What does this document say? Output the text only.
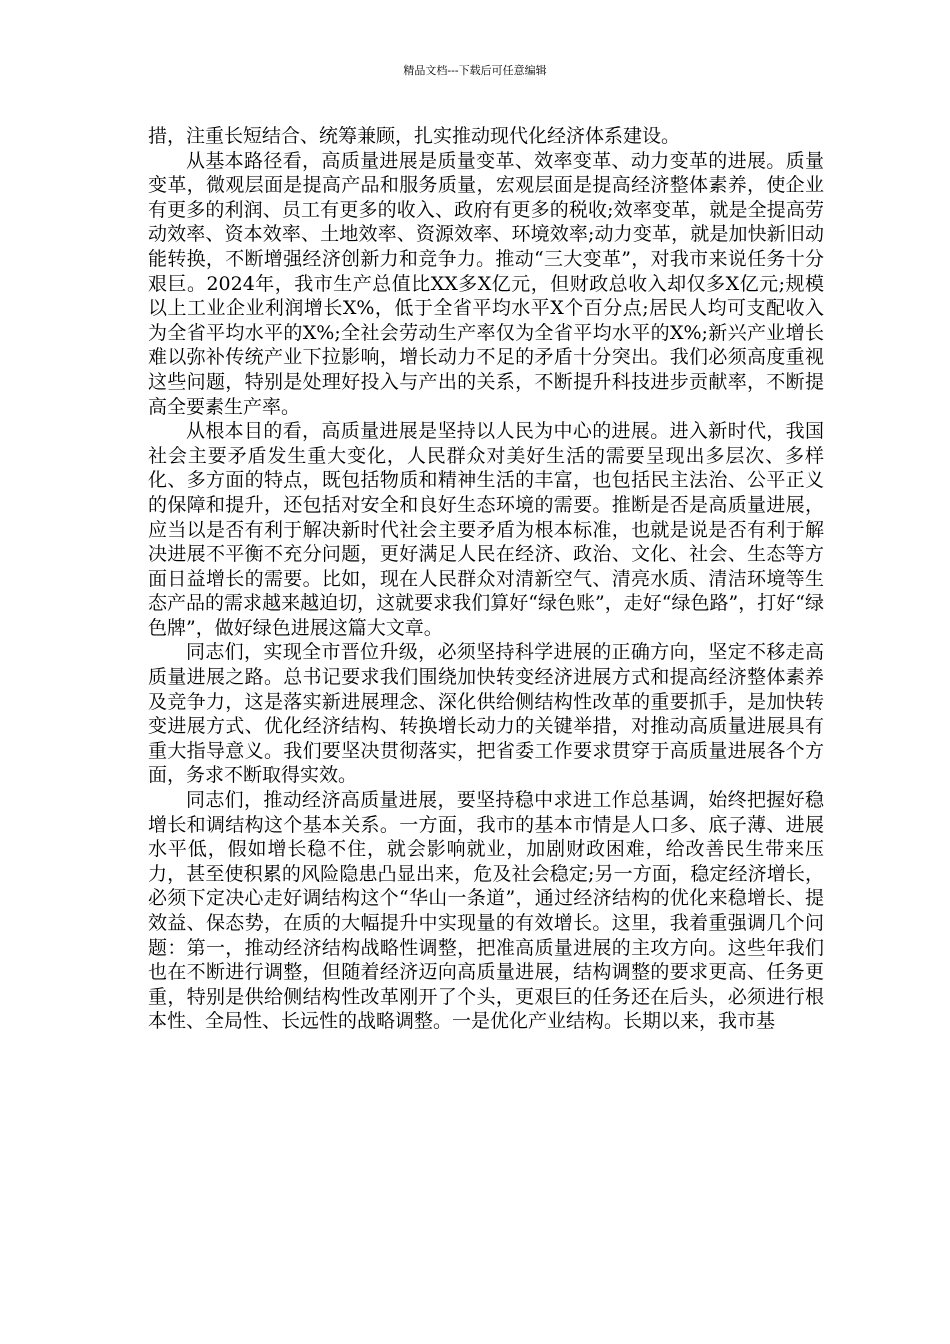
精品文档---下载后可任意编辑

措，注重长短结合、统筹兼顾，扎实推动现代化经济体系建设。

从基本路径看，高质量进展是质量变革、效率变革、动力变革的进展。质量变革，微观层面是提高产品和服务质量，宏观层面是提高经济整体素养，使企业有更多的利润、员工有更多的收入、政府有更多的税收;效率变革，就是全提高劳动效率、资本效率、土地效率、资源效率、环境效率;动力变革，就是加快新旧动能转换，不断增强经济创新力和竞争力。推动“三大变革”，对我市来说任务十分艰巨。2024年，我市生产总值比XX多X亿元，但财政总收入却仅多X亿元;规模以上工业企业利润增长X%，低于全省平均水平X个百分点;居民人均可支配收入为全省平均水平的X%;全社会劳动生产率仅为全省平均水平的X%;新兴产业增长难以弥补传统产业下拉影响，增长动力不足的矛盾十分突出。我们必须高度重视这些问题，特别是处理好投入与产出的关系，不断提升科技进步贡献率，不断提高全要素生产率。

从根本目的看，高质量进展是坚持以人民为中心的进展。进入新时代，我国社会主要矛盾发生重大变化，人民群众对美好生活的需要呈现出多层次、多样化、多方面的特点，既包括物质和精神生活的丰富，也包括民主法治、公平正义的保障和提升，还包括对安全和良好生态环境的需要。推断是否是高质量进展，应当以是否有利于解决新时代社会主要矛盾为根本标准，也就是说是否有利于解决进展不平衡不充分问题，更好满足人民在经济、政治、文化、社会、生态等方面日益增长的需要。比如，现在人民群众对清新空气、清亮水质、清洁环境等生态产品的需求越来越迫切，这就要求我们算好“绿色账”，走好“绿色路”，打好“绿色牌”，做好绿色进展这篇大文章。

同志们，实现全市晋位升级，必须坚持科学进展的正确方向，坚定不移走高质量进展之路。总书记要求我们围绕加快转变经济进展方式和提高经济整体素养及竞争力，这是落实新进展理念、深化供给侧结构性改革的重要抓手，是加快转变进展方式、优化经济结构、转换增长动力的关键举措，对推动高质量进展具有重大指导意义。我们要坚决贯彻落实，把省委工作要求贯穿于高质量进展各个方面，务求不断取得实效。

同志们，推动经济高质量进展，要坚持稳中求进工作总基调，始终把握好稳增长和调结构这个基本关系。一方面，我市的基本市情是人口多、底子薄、进展水平低，假如增长稳不住，就会影响就业，加剧财政困难，给改善民生带来压力，甚至使积累的风险隐患凸显出来，危及社会稳定;另一方面，稳定经济增长，必须下定决心走好调结构这个“华山一条道”，通过经济结构的优化来稳增长、提效益、保态势，在质的大幅提升中实现量的有效增长。这里，我着重强调几个问题：第一，推动经济结构战略性调整，把准高质量进展的主攻方向。这些年我们也在不断进行调整，但随着经济迈向高质量进展，结构调整的要求更高、任务更重，特别是供给侧结构性改革刚开了个头，更艰巨的任务还在后头，必须进行根本性、全局性、长远性的战略调整。一是优化产业结构。长期以来，我市基
